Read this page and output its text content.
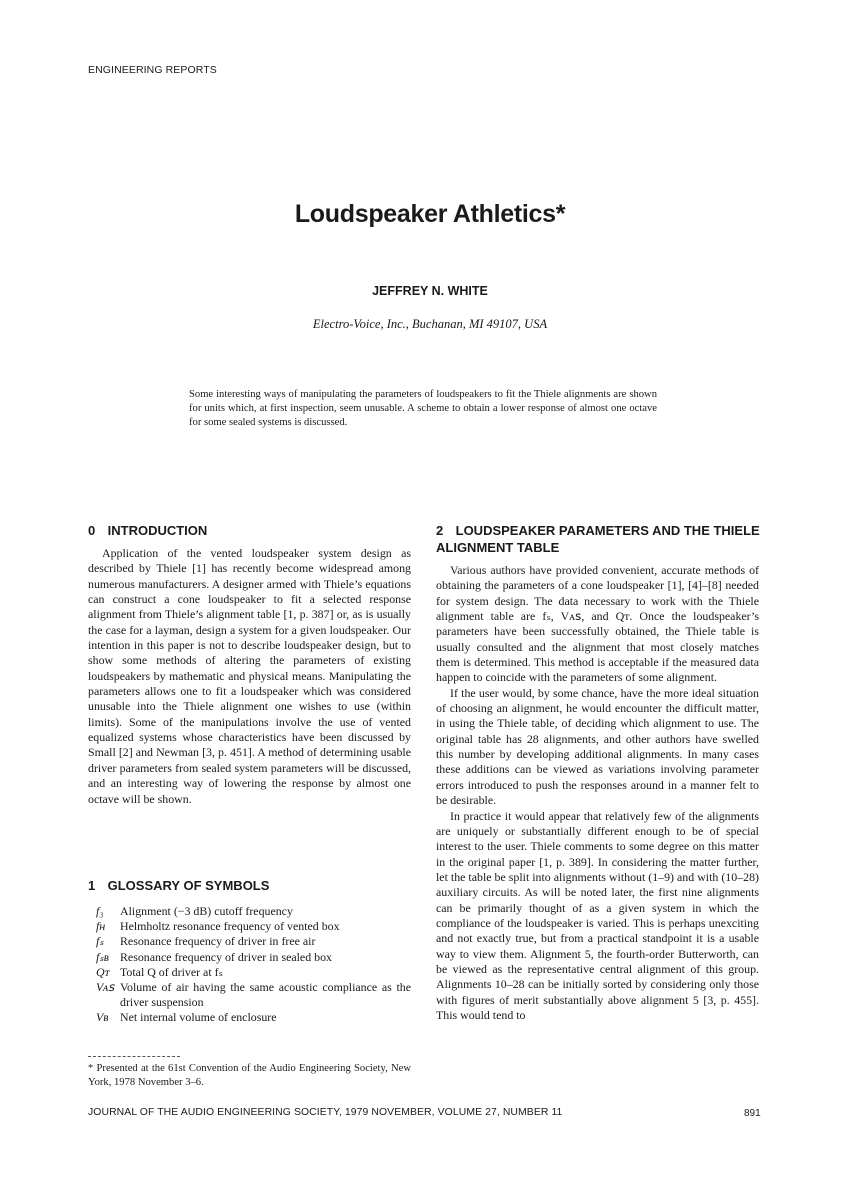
ENGINEERING REPORTS
Loudspeaker Athletics*
JEFFREY N. WHITE
Electro-Voice, Inc., Buchanan, MI 49107, USA
Some interesting ways of manipulating the parameters of loudspeakers to fit the Thiele alignments are shown for units which, at first inspection, seem unusable. A scheme to obtain a lower response of almost one octave for some sealed systems is discussed.
0 INTRODUCTION

Application of the vented loudspeaker system design as described by Thiele [1] has recently become widespread among numerous manufacturers. A designer armed with Thiele’s equations can construct a cone loudspeaker to fit a selected response alignment from Thiele’s alignment table [1, p. 387] or, as is usually the case for a layman, design a system for a given loudspeaker. Our intention in this paper is not to describe loudspeaker design, but to show some methods of altering the parameters of existing loudspeakers by mathematic and physical means. Manipulating the parameters allows one to fit a loudspeaker which was considered unusable into the Thiele alignment one wishes to use (within limits). Some of the manipulations involve the use of vented equalized systems whose characteristics have been discussed by Small [2] and Newman [3, p. 451]. A method of determining usable driver parameters from sealed system parameters will be discussed, and an interesting way of lowering the response by almost one octave will be shown.

1 GLOSSARY OF SYMBOLS
f₃	Alignment (−3 dB) cutoff frequency
fʜ	Helmholtz resonance frequency of vented box
fₛ	Resonance frequency of driver in free air
fₛʙ Resonance frequency of driver in sealed box
Qᴛ Total Q of driver at fₛ
Vᴀꜱ Volume of air having the same acoustic compliance as the driver suspension
Vʙ Net internal volume of enclosure
* Presented at the 61st Convention of the Audio Engineering Society, New York, 1978 November 3–6.
2 LOUDSPEAKER PARAMETERS AND THE THIELE ALIGNMENT TABLE

Various authors have provided convenient, accurate methods of obtaining the parameters of a cone loudspeaker [1], [4]–[8] needed for system design. The data necessary to work with the Thiele alignment table are fₛ, Vᴀꜱ, and Qᴛ. Once the loudspeaker’s parameters have been successfully obtained, the Thiele table is usually consulted and the alignment that most closely matches them is determined. This method is acceptable if the measured data happen to coincide with the parameters of some alignment.

If the user would, by some chance, have the more ideal situation of choosing an alignment, he would encounter the difficult matter, in using the Thiele table, of deciding which alignment to use. The original table has 28 alignments, and other authors have swelled this number by developing additional alignments. In many cases these additions can be viewed as variations involving parameter errors introduced to push the responses around in a manner felt to be desirable.

In practice it would appear that relatively few of the alignments are uniquely or substantially different enough to be of special interest to the user. Thiele comments to some degree on this matter in the original paper [1, p. 389]. In considering the matter further, let the table be split into alignments without (1–9) and with (10–28) auxiliary circuits. As will be noted later, the first nine alignments can be primarily thought of as a given system in which the compliance of the loudspeaker is varied. This is perhaps unexciting and not exactly true, but from a practical standpoint it is a usable way to view them. Alignment 5, the fourth-order Butterworth, can be viewed as the representative central alignment of this group. Alignments 10–28 can be initially sorted by considering only those with figures of merit substantially above alignment 5 [3, p. 455]. This would tend to

JOURNAL OF THE AUDIO ENGINEERING SOCIETY, 1979 NOVEMBER, VOLUME 27, NUMBER 11	891
